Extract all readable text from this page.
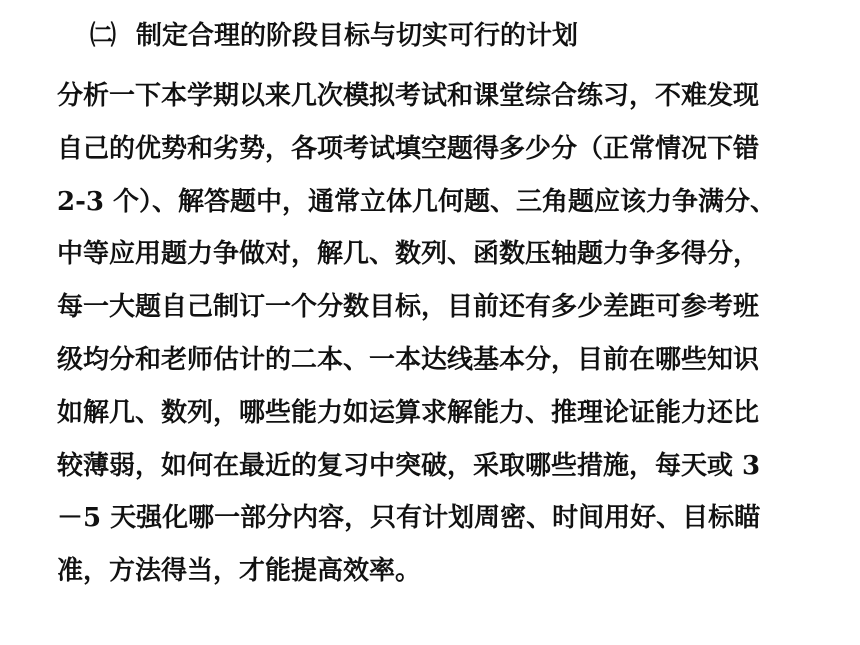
㈡ 制定合理的阶段目标与切实可行的计划
分析一下本学期以来几次模拟考试和课堂综合练习，不难发现
自己的优势和劣势，各项考试填空题得多少分（正常情况下错
2-3 个）、解答题中，通常立体几何题、三角题应该力争满分、
中等应用题力争做对，解几、数列、函数压轴题力争多得分，
每一大题自己制订一个分数目标，目前还有多少差距可参考班
级均分和老师估计的二本、一本达线基本分，目前在哪些知识
如解几、数列，哪些能力如运算求解能力、推理论证能力还比
较薄弱，如何在最近的复习中突破，采取哪些措施，每天或 3
－5 天强化哪一部分内容，只有计划周密、时间用好、目标瞄
准，方法得当，才能提高效率。
